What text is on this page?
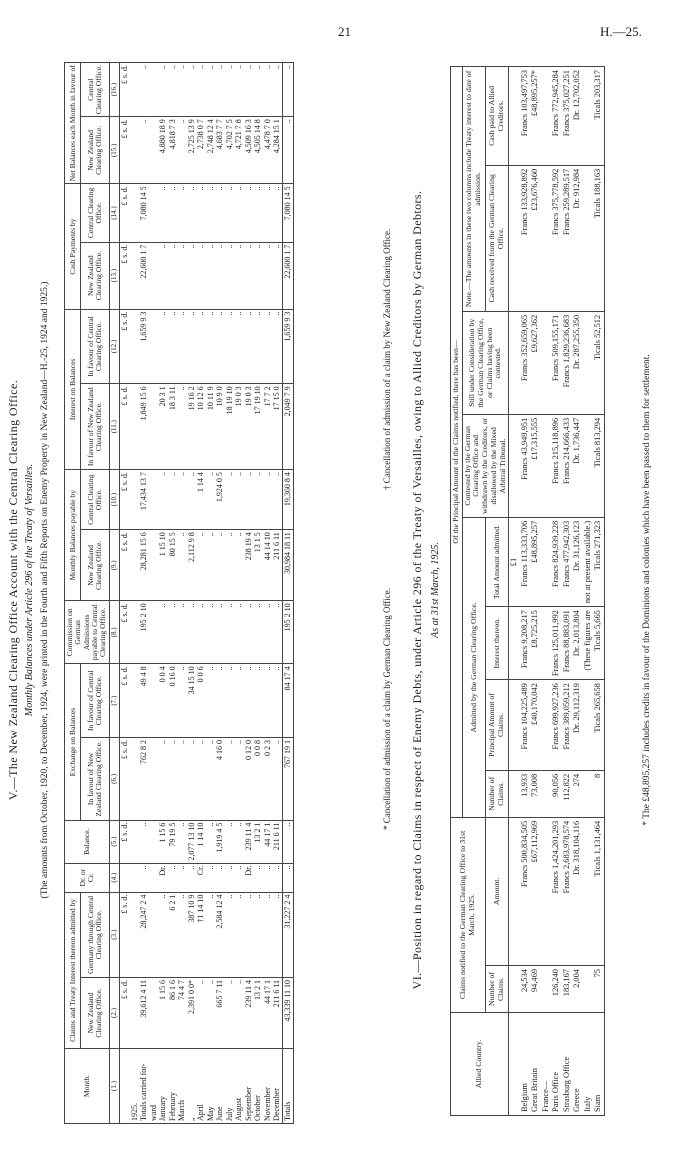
21	H.—25.
V.—The New Zealand Clearing Office Account with the Central Clearing Office. Monthly Balances under Article 296 of the Treaty of Versailles. (The amounts from October, 1920, to December, 1924, were printed in the Fourth and Fifth Reports on Enemy Property in New Zealand—H.-25, 1924 and 1925.)
Month.	Claims and Treaty Interest thereon admitted by		Dr. or Cr.	Balance.	Exchange on Balances		Commission on German Admissions payable to Central Clearing Office.	Monthly Balances payable by		Interest on Balances		Cash Payments by		Net Balances each Month in favour of	
	New Zealand Clearing Office.	Germany through Central Clearing Office.			In favour of New Zealand Clearing Office.	In favour of Central Clearing Office.		New Zealand Clearing Office.	Central Clearing Office.	In favour of New Zealand Clearing Office.	In favour of Central Clearing Office.	New Zealand Clearing Office.	Central Clearing Office.	New Zealand Clearing Office.	Central Clearing Office.
(1.)	(2.)	(3.)	(4.)	(5.)	(6.)	(7.)	(8.)	(9.)	(10.)	(11.)	(12.)	(13.)	(14.)	(15.)	(16.)
	£ s. d.	£ s. d.		£ s. d.	£ s. d.	£ s. d.	£ s. d.	£ s. d.	£ s. d.	£ s. d.	£ s. d.	£ s. d.	£ s. d.	£ s. d.	£ s. d.
1925.															
Totals carried for-	39,612 4 11	28,247 2 4	..	..	762 8 2	49 4 8	195 2 10	28,281 15 6	17,434 13 7	1,849 15 6	1,659 9 3	22,600 1 7	7,080 14 5	..	..
ward															
January	1 15 6	..	Dr.	1 15 6	..	0 0 4	..	1 15 10	..	20 3 1	..	..	..	4,880 18 9	..
February	86 1 6	6 2 1	..	79 19 5	..	0 16 0	..	80 15 5	..	18 3 11	..	..	..	4,818 7 3	..
March	74 4 7	..	..	..	..	..	..	..	..	..	..	..	..	..	..
„	2,391 0 0*	387 10 9	..	2,077 13 10	..	34 15 10	..	2,112 9 8	..	19 16 2	..	..	..	2,725 13 9	..
April	..	†1 14 10	Cr.	1 14 10	..	0 0 6	..	..	1 14 4	10 12 6	..	..	..	2,738 0 7	..
May	..	..	..	..	..	..	..	..	..	10 11 9	..	..	..	2,748 12 4	..
June	665 7 11	2,584 12 4	..	1,919 4 5	4 16 0	..	..	..	1,924 0 5	10 9 0	..	..	..	4,683 7 7	..
July	..	..	..	..	..	..	..	..	..	18 19 10	..	..	..	4,702 7 5	..
August	..	..	..	..	..	..	..	..	..	19 0 3	..	..	..	4,721 7 8	..
September	239 11 4	..	Dr.	239 11 4	0 12 0	..	..	238 19 4	..	19 0 3	..	..	..	4,509 16 3	..
October	13 2 1	..	..	13 2 1	0 0 8	..	..	13 1 5	..	17 19 10	..	..	..	4,505 14 8	..
November	44 17 1	..	..	44 17 1	0 2 3	..	..	44 14 10	..	17 7 2	..	..	..	4,478 7 0	..
December	211 6 11	..	..	211 6 11	..	..	..	211 6 11	..	17 15 0	..	..	..	4,284 15 1	..
Totals	43,339 11 10	31,227 2 4	..	..	767 19 1	84 17 4	195 2 10	30,984 18 11	19,360 8 4	2,049 7 9	1,659 9 3	22,600 1 7	7,080 14 5	..	..
* Cancellation of admission of a claim by German Clearing Office.
† Cancellation of admission of a claim by New Zealand Clearing Office. VI.—Position in regard to Claims in respect of Enemy Debts, under Article 296 of the Treaty of Versailles, owing to Allied Creditors by German Debtors. As at 31st March, 1925.
Allied Country.	Claims notified to the German Clearing Office to 31st March, 1925.		Of the Principal Amount of the Claims notified, there has been—							
			Admitted by the German Clearing Office.				Contested by the German Clearing Office and withdrawn by the Creditors, or disallowed by the Mixed Arbitral Tribunal.	Still under Consideration by the German Clearing Office, or Claims having been contested.	Note.—The amounts in these two columns include Treaty interest to date of admission.	
	Number of Claims.	Amount.	Number of Claims.	Principal Amount of Claims.	Interest thereon.	Total Amount admitted.			Cash received from the German Clearing Office.	Cash paid to Allied Creditors.
						£1				
Belgium	24,534	Francs 500,834,505	13,933	Francs 104,225,489	Francs 9,208,217	Francs 113,333,706	Francs 43,949,951	Francs 352,659,065	Francs 133,928,892	Francs 103,497,753
Great Britain	94,469	£67,112,969	73,008	£40,170,042	£8,725,215	£48,895,257	£17,315,555	£9,627,362	£23,676,460	£48,895,257*
France—										
Paris Office	126,240	Francs 1,424,201,293	90,056	Francs 699,927,236	Francs 125,011,992	Francs 824,939,228	Francs 215,118,896	Francs 509,155,171	Francs 375,778,592	Francs 772,945,284
Strasburg Office	183,167	Francs 2,683,978,574	112,822	Francs 389,059,212	Francs 88,883,091	Francs 477,942,303	Francs 214,666,433	Francs 1,829,236,683	Francs 259,289,517	Francs 375,027,251
Greece	2,004	Dr. 318,104,116	274	Dr. 29,112,319	Dr. 2,013,804	Dr. 31,126,123	Dr. 1,736,447	Dr. 287,255,350	Dr. 912,984	Dr. 12,702,052
Italy					(These figures are	not at present available.)				
Siam	75	Ticals 1,131,464	8	Ticals 265,658	Ticals 5,665	Ticals 271,323	Ticals 813,294	Ticals 52,512	Ticals 188,163	Ticals 203,317
* The £48,895,257 includes credits in favour of the Dominions and colonies which have been passed to them for settlement.
